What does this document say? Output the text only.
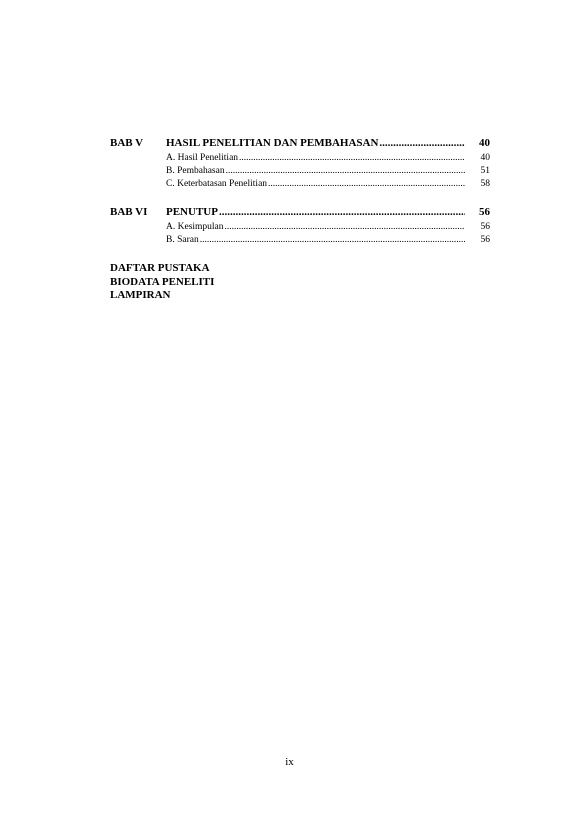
BAB V HASIL PENELITIAN DAN PEMBAHASAN .....	40
A. Hasil Penelitian .....	40
B. Pembahasan .....	51
C. Keterbatasan Penelitian .....	58
BAB VI PENUTUP .....	56
A. Kesimpulan .....	56
B. Saran .....	56
DAFTAR PUSTAKA
BIODATA PENELITI
LAMPIRAN
ix
